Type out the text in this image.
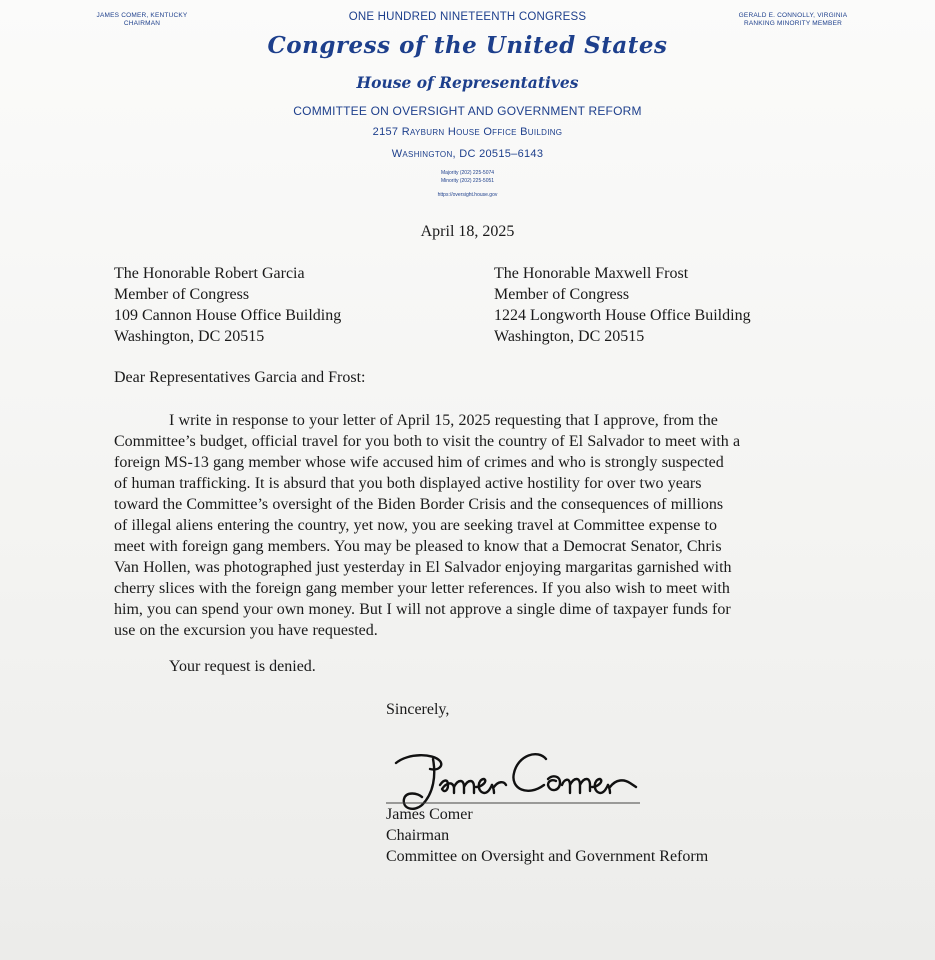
JAMES COMER, KENTUCKY
CHAIRMAN
GERALD E. CONNOLLY, VIRGINIA
RANKING MINORITY MEMBER
ONE HUNDRED NINETEENTH CONGRESS
Congress of the United States
House of Representatives
COMMITTEE ON OVERSIGHT AND GOVERNMENT REFORM
2157 Rayburn House Office Building
Washington, DC 20515–6143
Majority (202) 225-5074
Minority (202) 225-5051
https://oversight.house.gov
April 18, 2025
The Honorable Robert Garcia
Member of Congress
109 Cannon House Office Building
Washington, DC 20515
The Honorable Maxwell Frost
Member of Congress
1224 Longworth House Office Building
Washington, DC 20515
Dear Representatives Garcia and Frost:
I write in response to your letter of April 15, 2025 requesting that I approve, from the
Committee’s budget, official travel for you both to visit the country of El Salvador to meet with a
foreign MS-13 gang member whose wife accused him of crimes and who is strongly suspected
of human trafficking. It is absurd that you both displayed active hostility for over two years
toward the Committee’s oversight of the Biden Border Crisis and the consequences of millions
of illegal aliens entering the country, yet now, you are seeking travel at Committee expense to
meet with foreign gang members. You may be pleased to know that a Democrat Senator, Chris
Van Hollen, was photographed just yesterday in El Salvador enjoying margaritas garnished with
cherry slices with the foreign gang member your letter references. If you also wish to meet with
him, you can spend your own money. But I will not approve a single dime of taxpayer funds for
use on the excursion you have requested.
Your request is denied.
Sincerely,
James Comer
Chairman
Committee on Oversight and Government Reform
